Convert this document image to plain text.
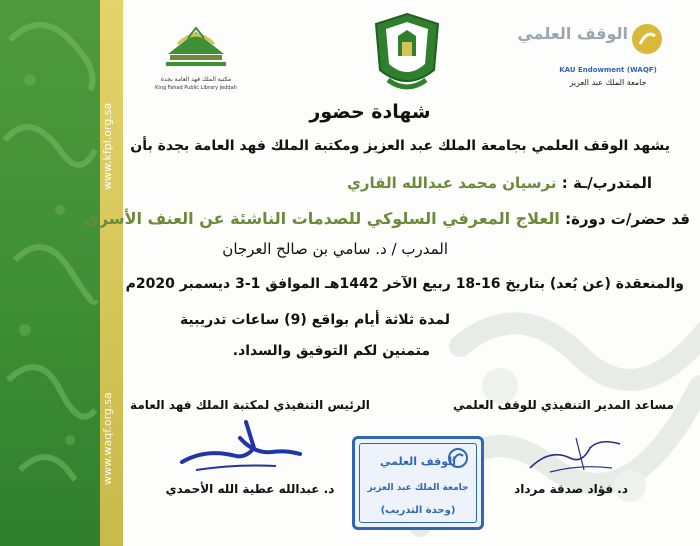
www.kfpl.org.sa
www.waqf.org.sa
مكتبة الملك فهد العامة بجدة
King Fahad Public Library Jeddah
الوقف العلمي
KAU Endowment (WAQF)
جامعة الملك عبد العزيز
شهادة حضور
يشهد الوقف العلمي بجامعة الملك عبد العزيز ومكتبة الملك فهد العامة بجدة بأن
المتدرب/ـة : نرسيان محمد عبدالله القاري
قد حضر/ت دورة: العلاج المعرفي السلوكي للصدمات الناشئة عن العنف الأسري
المدرب / د. سامي بن صالح العرجان
والمنعقدة (عن بُعد) بتاريخ 16-18 ربيع الآخر 1442هـ الموافق 1-3 ديسمبر 2020م
لمدة ثلاثة أيام بواقع (9) ساعات تدريبية
متمنين لكم التوفيق والسداد.
الرئيس التنفيذي لمكتبة الملك فهد العامة	مساعد المدير التنفيذي للوقف العلمي
الوقف العلمي
جامعة الملك عبد العزيز
(وحدة التدريب)
د. عبدالله عطية الله الأحمدي	د. فؤاد صدقة مرداد
